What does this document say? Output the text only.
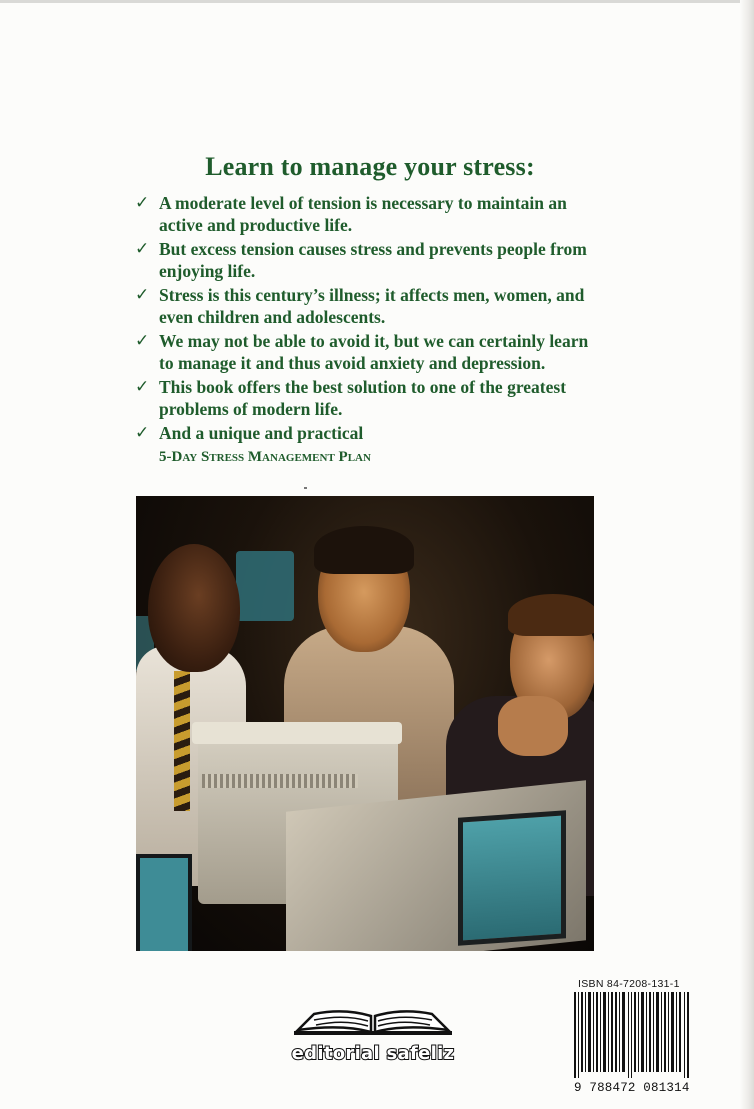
Learn to manage your stress:
✓ A moderate level of tension is necessary to maintain an active and productive life.
✓ But excess tension causes stress and prevents people from enjoying life.
✓ Stress is this century’s illness; it affects men, women, and even children and adolescents.
✓ We may not be able to avoid it, but we can certainly learn to manage it and thus avoid anxiety and depression.
✓ This book offers the best solution to one of the greatest problems of modern life.
✓ And a unique and practical
5-Day Stress Management Plan
ISBN 84-7208-131-1
9 788472 081314
editorial safeliz
